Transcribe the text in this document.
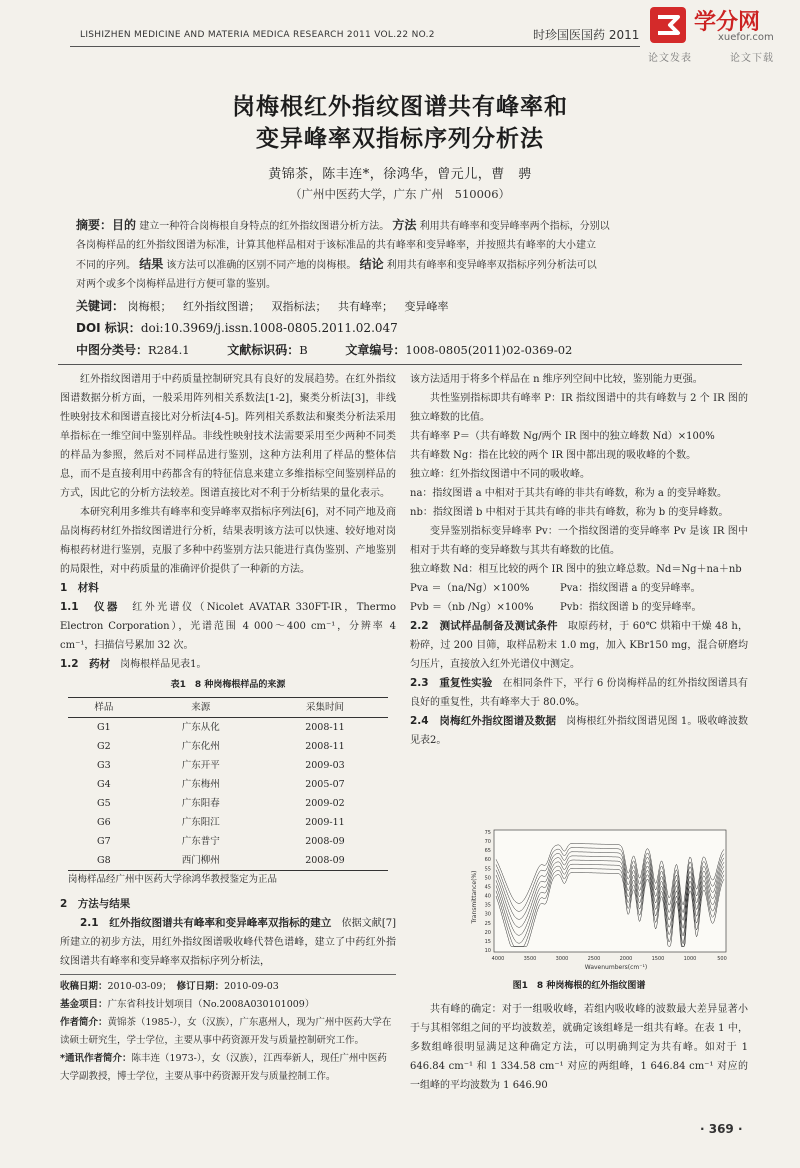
LISHIZHEN MEDICINE AND MATERIA MEDICA RESEARCH 2011 VOL.22 NO.2	时珍国医国药 2011 学分网
xuefor.com
论文发表	论文下载
岗梅根红外指纹图谱共有峰率和
变异峰率双指标序列分析法
黄锦茶，陈丰连*，徐鸿华，曾元儿，曹　骋
（广州中医药大学，广东 广州　510006）
摘要：目的 建立一种符合岗梅根自身特点的红外指纹图谱分析方法。 方法 利用共有峰率和变异峰率两个指标，分别以
各岗梅样品的红外指纹图谱为标准，计算其他样品相对于该标准品的共有峰率和变异峰率，并按照共有峰率的大小建立
不同的序列。 结果 该方法可以准确的区别不同产地的岗梅根。 结论 利用共有峰率和变异峰率双指标序列分析法可以
对两个或多个岗梅样品进行方便可靠的鉴别。
关键词： 岗梅根； 红外指纹图谱； 双指标法； 共有峰率； 变异峰率
DOI 标识：doi:10.3969/j.issn.1008-0805.2011.02.047
中图分类号：R284.1	文献标识码：B	文章编号：1008-0805(2011)02-0369-02

红外指纹图谱用于中药质量控制研究具有良好的发展趋势。在红外指纹图谱数据分析方面，一般采用阵列相关系数法[1-2]，聚类分析法[3]，非线性映射技术和图谱直接比对分析法[4-5]。阵列相关系数法和聚类分析法采用单指标在一维空间中鉴别样品。非线性映射技术法需要采用至少两种不同类的样品为参照，然后对不同样品进行鉴别，这种方法利用了样品的整体信息，而不是直接利用中药都含有的特征信息来建立多维指标空间鉴别样品的方式，因此它的分析方法较差。图谱直接比对不利于分析结果的量化表示。

本研究利用多维共有峰率和变异峰率双指标序列法[6]，对不同产地及商品岗梅药材红外指纹图谱进行分析，结果表明该方法可以快速、较好地对岗梅根药材进行鉴别，克服了多种中药鉴别方法只能进行真伪鉴别、产地鉴别的局限性，对中药质量的准确评价提供了一种新的方法。

1　材料

1.1　仪器　 红外光谱仪（Nicolet AVATAR 330FT-IR，Thermo Electron Corporation），光谱范围 4 000～400 cm⁻¹，分辨率 4 cm⁻¹，扫描信号累加 32 次。

1.2　药材　 岗梅根样品见表1。

表1　8 种岗梅根样品的来源
样品	来源	采集时间
G1	广东从化	2008-11
G2	广东化州	2008-11
G3	广东开平	2009-03
G4	广东梅州	2005-07
G5	广东阳春	2009-02
G6	广东阳江	2009-11
G7	广东普宁	2008-09
G8	西门柳州	2008-09
岗梅样品经广州中医药大学徐鸿华教授鉴定为正品

2　方法与结果

2.1　红外指纹图谱共有峰率和变异峰率双指标的建立　 依据文献[7]所建立的初步方法，用红外指纹图谱吸收峰代替色谱峰，建立了中药红外指纹图谱共有峰率和变异峰率双指标序列分析法，

收稿日期：2010-03-09；　 修订日期：2010-09-03
基金项目：广东省科技计划项目（No.2008A030101009）
作者简介：黄锦茶（1985-），女（汉族），广东惠州人，现为广州中医药大学在读硕士研究生，学士学位，主要从事中药资源开发与质量控制研究工作。
*通讯作者简介：陈丰连（1973-），女（汉族），江西奉新人，现任广州中医药大学副教授，博士学位，主要从事中药资源开发与质量控制工作。

该方法适用于将多个样品在 n 维序列空间中比较，鉴别能力更强。

共性鉴别指标即共有峰率 P：IR 指纹图谱中的共有峰数与 2 个 IR 图的独立峰数的比值。

共有峰率 P＝（共有峰数 Ng/两个 IR 图中的独立峰数 Nd）×100%

共有峰数 Ng：指在比较的两个 IR 图中都出现的吸收峰的个数。

独立峰：红外指纹图谱中不同的吸收峰。

na：指纹图谱 a 中相对于其共有峰的非共有峰数，称为 a 的变异峰数。

nb：指纹图谱 b 中相对于其共有峰的非共有峰数，称为 b 的变异峰数。

变异鉴别指标变异峰率 Pv：一个指纹图谱的变异峰率 Pv 是该 IR 图中相对于共有峰的变异峰数与其共有峰数的比值。

独立峰数 Nd：相互比较的两个 IR 图中的独立峰总数。Nd＝Ng＋na＋nb

Pva ＝（na/Ng）×100%	Pva：指纹图谱 a 的变异峰率。

Pvb ＝（nb /Ng）×100%	Pvb：指纹图谱 b 的变异峰率。

2.2　测试样品制备及测试条件　 取原药材，于 60℃ 烘箱中干燥 48 h，粉碎，过 200 目筛，取样品粉末 1.0 mg，加入 KBr150 mg，混合研磨均匀压片，直接放入红外光谱仪中测定。

2.3　重复性实验　 在相同条件下，平行 6 份岗梅样品的红外指纹图谱具有良好的重复性，共有峰率大于 80.0%。

2.4　岗梅红外指纹图谱及数据　 岗梅根红外指纹图谱见图 1。吸收峰波数见表2。

75
70
65
60
55
50
45
40
35
30
25
20
15
10
4000	3500	3000	2500	2000	1500	1000	500
Transmittance(%)
Wavenumbers(cm⁻¹)
图1　8 种岗梅根的红外指纹图谱
共有峰的确定：对于一组吸收峰，若组内吸收峰的波数最大差异显著小于与其相邻组之间的平均波数差，就确定该组峰是一组共有峰。在表 1 中，多数组峰很明显满足这种确定方法，可以明确判定为共有峰。如对于 1 646.84 cm⁻¹ 和 1 334.58 cm⁻¹ 对应的两组峰，1 646.84 cm⁻¹ 对应的一组峰的平均波数为 1 646.90
· 369 ·
